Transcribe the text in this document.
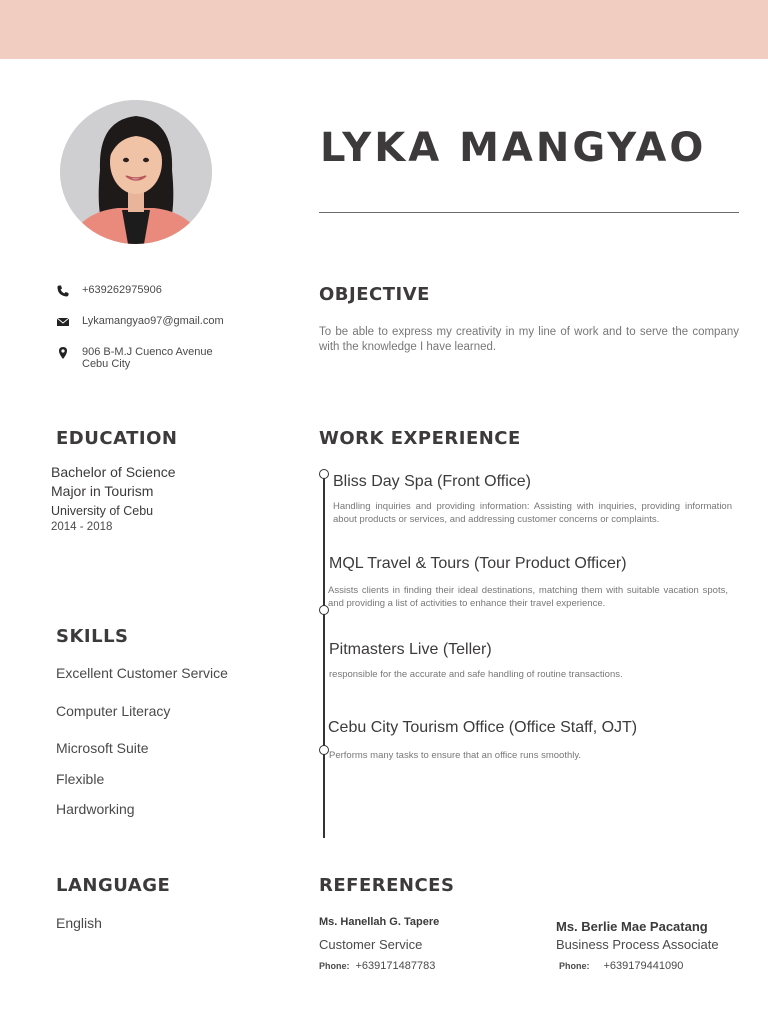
LYKA MANGYAO
+639262975906
Lykamangyao97@gmail.com
906 B-M.J Cuenco Avenue
Cebu City
OBJECTIVE
To be able to express my creativity in my line of work and to serve the company with the knowledge I have learned.
EDUCATION
Bachelor of Science
Major in Tourism
University of Cebu
2014 - 2018
SKILLS
Excellent Customer Service
Computer Literacy
Microsoft Suite
Flexible
Hardworking
WORK EXPERIENCE
Bliss Day Spa (Front Office)
Handling inquiries and providing information: Assisting with inquiries, providing information about products or services, and addressing customer concerns or complaints.
MQL Travel & Tours (Tour Product Officer)
Assists clients in finding their ideal destinations, matching them with suitable vacation spots, and providing a list of activities to enhance their travel experience.
Pitmasters Live (Teller)
responsible for the accurate and safe handling of routine transactions.
Cebu City Tourism Office (Office Staff, OJT)
Performs many tasks to ensure that an office runs smoothly.
LANGUAGE
English
REFERENCES
Ms. Hanellah G. Tapere
Customer Service
Phone: +639171487783
Ms. Berlie Mae Pacatang
Business Process Associate
Phone: +639179441090
